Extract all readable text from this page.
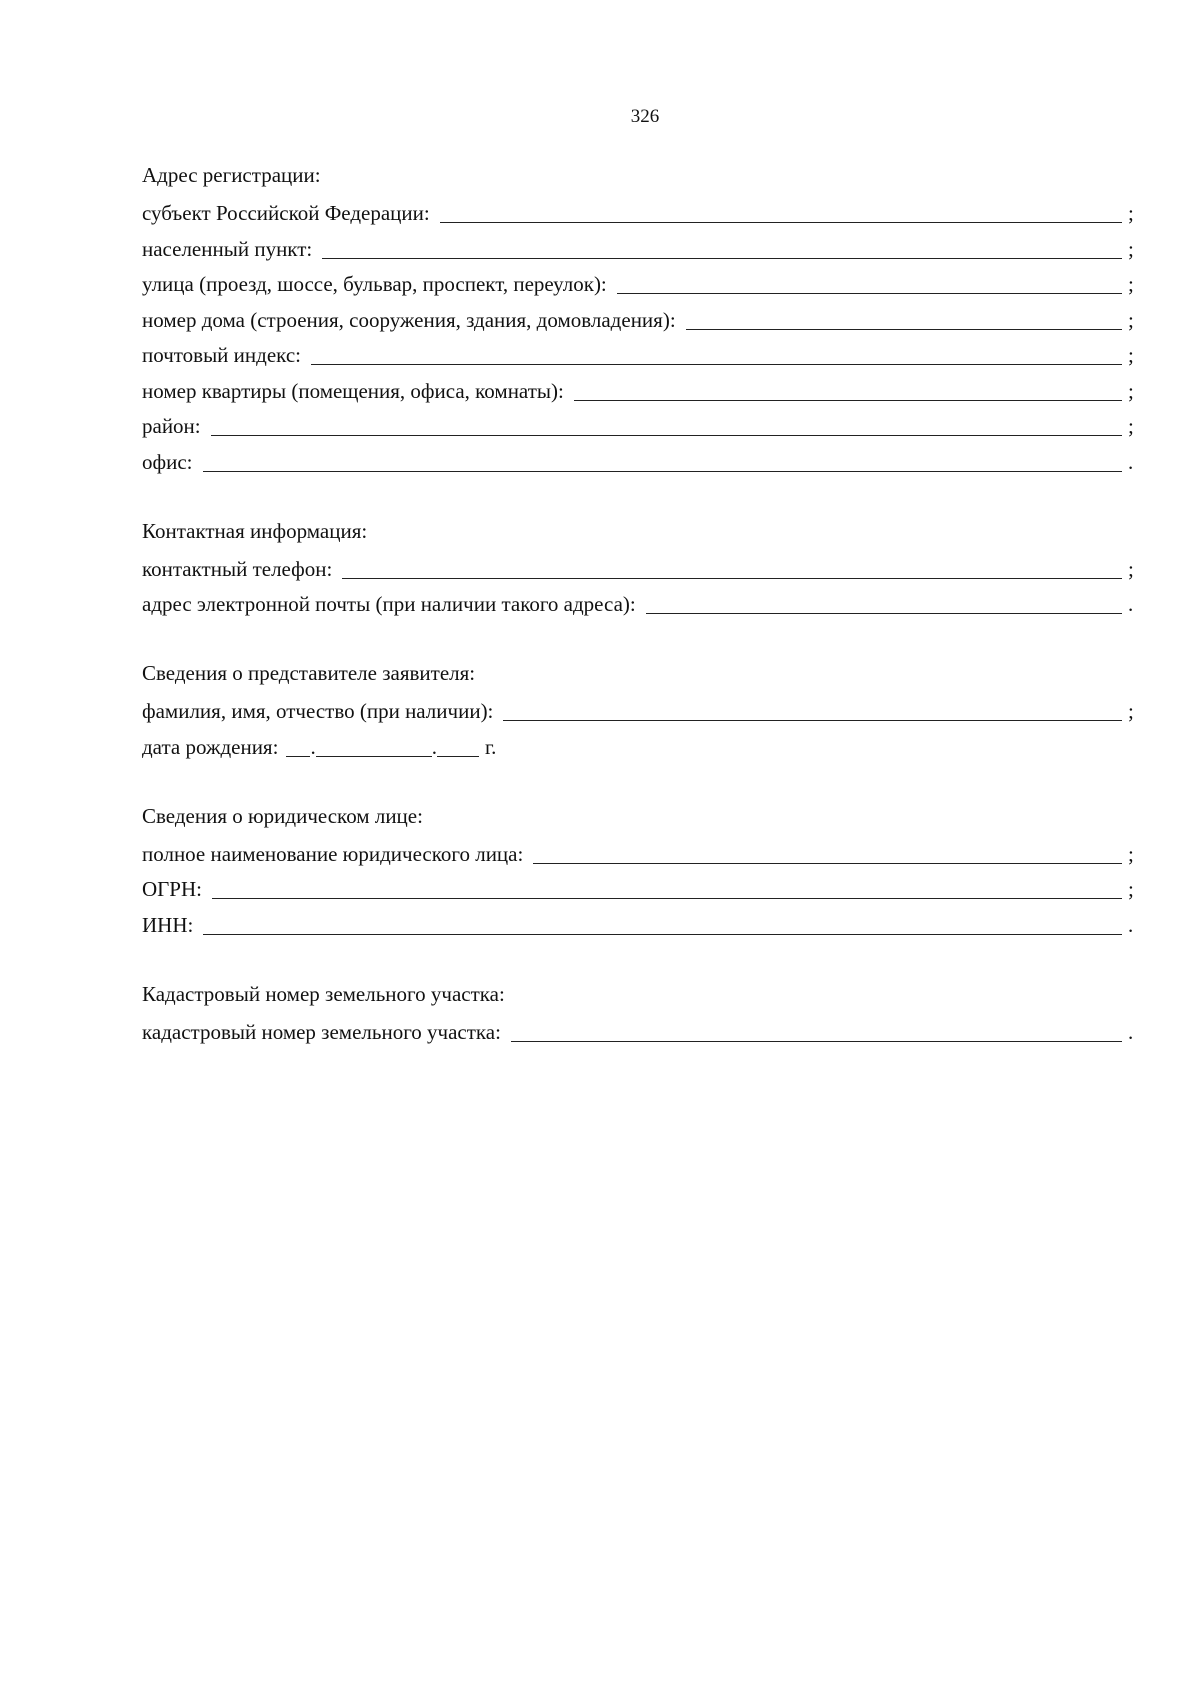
326
Адрес регистрации:
субъект Российской Федерации:	;
населенный пункт:	;
улица (проезд, шоссе, бульвар, проспект, переулок):	;
номер дома (строения, сооружения, здания, домовладения):	;
почтовый индекс:	;
номер квартиры (помещения, офиса, комнаты):	;
район:	;
офис:	.
Контактная информация:
контактный телефон:	;
адрес электронной почты (при наличии такого адреса):	.
Сведения о представителе заявителя:
фамилия, имя, отчество (при наличии):	;
дата рождения: .	. г.
Сведения о юридическом лице:
полное наименование юридического лица:	;
ОГРН:	;
ИНН:	.
Кадастровый номер земельного участка:
кадастровый номер земельного участка:	.
